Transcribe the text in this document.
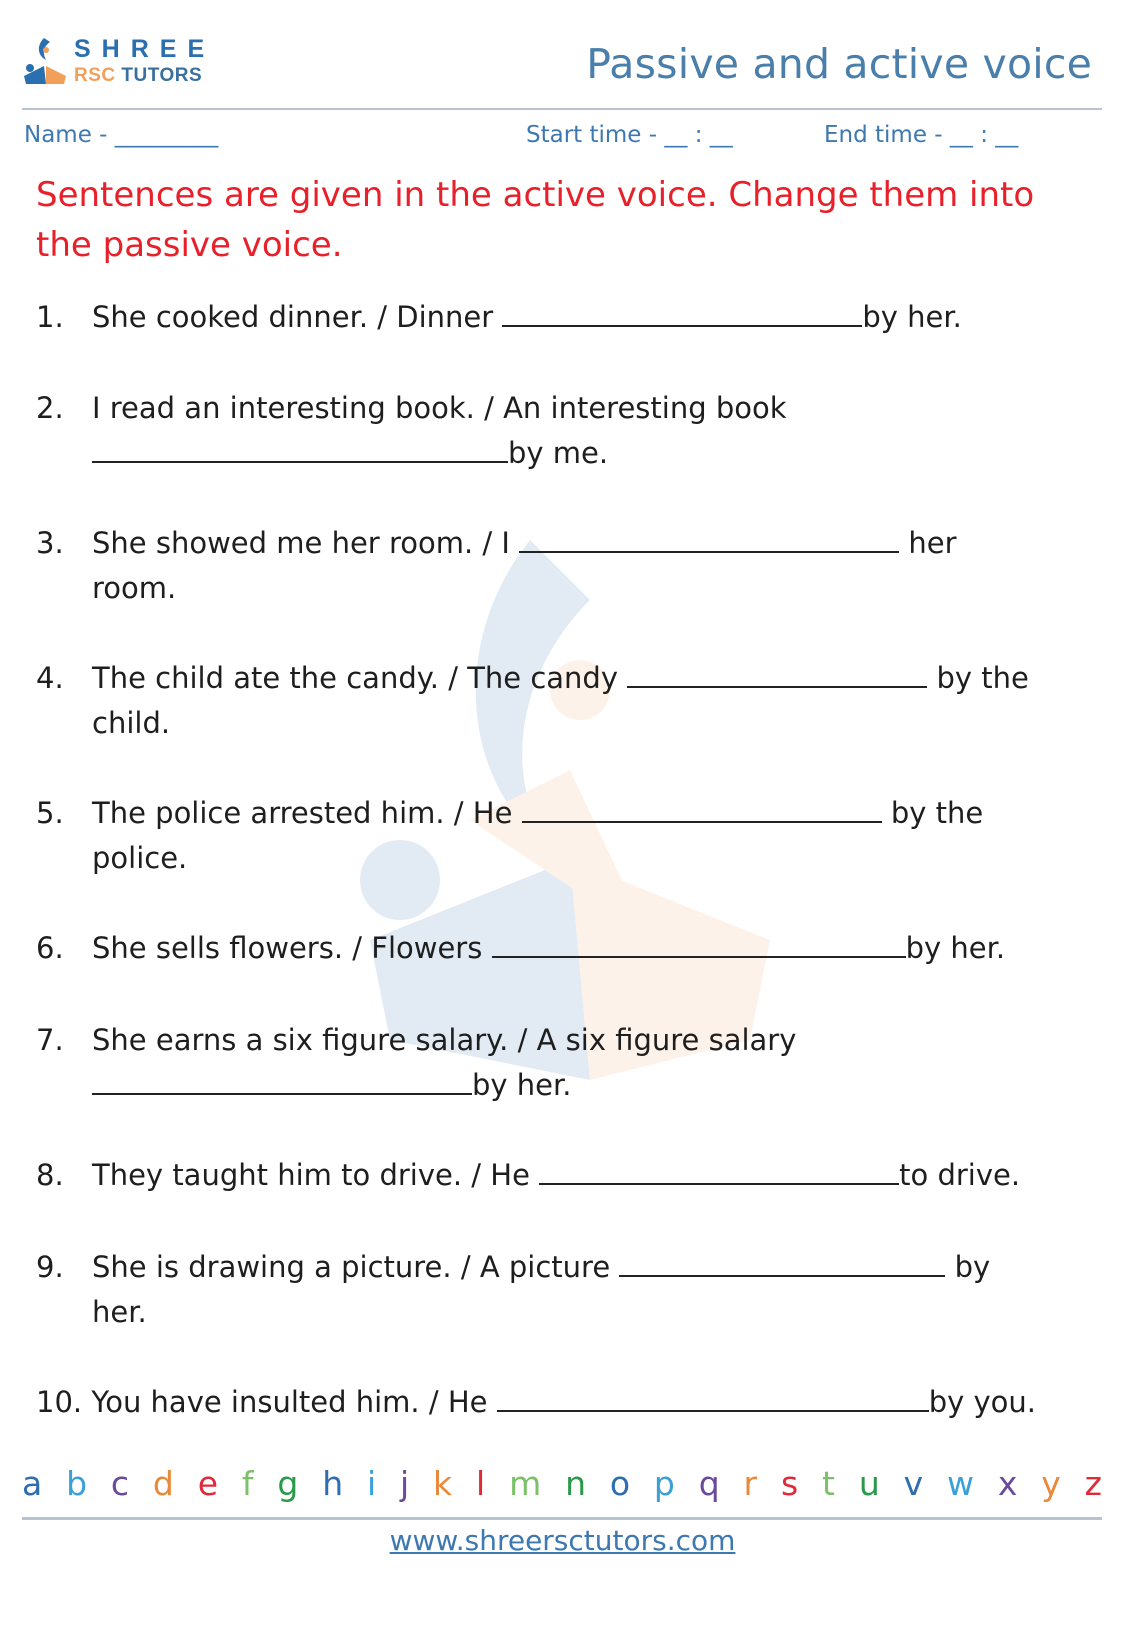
SHREE
RSC TUTORS	Passive and active voice
Name - _________	Start time - __ : __	End time - __ : __
Sentences are given in the active voice. Change them into the passive voice.
1. She cooked dinner. / Dinner	by her.
2. I read an interesting book. / An interesting book
by me.
3. She showed me her room. / I	her room.
4. The child ate the candy. / The candy	by the child.
5. The police arrested him. / He	by the police.
6. She sells flowers. / Flowers	by her.
7. She earns a six figure salary. / A six figure salary
by her.
8. They taught him to drive. / He	to drive.
9. She is drawing a picture. / A picture	by her.
10. You have insulted him. / He	by you.
a b c d e f g h i j k l m n o p q r s t u v w x y z
www.shreersctutors.com
